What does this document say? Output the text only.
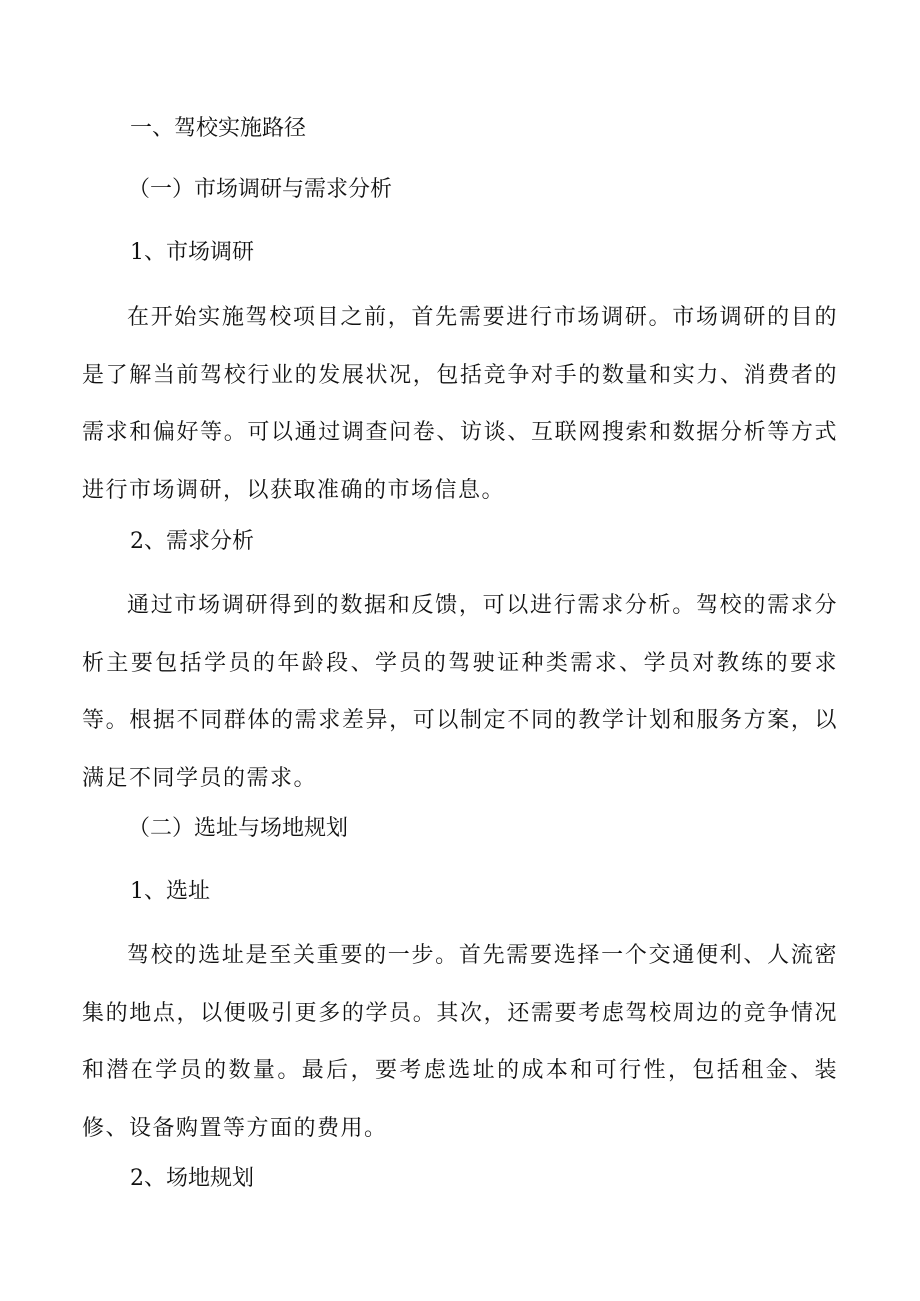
一、驾校实施路径
（一）市场调研与需求分析
1、市场调研
在开始实施驾校项目之前，首先需要进行市场调研。市场调研的目的是了解当前驾校行业的发展状况，包括竞争对手的数量和实力、消费者的需求和偏好等。可以通过调查问卷、访谈、互联网搜索和数据分析等方式进行市场调研，以获取准确的市场信息。
2、需求分析
通过市场调研得到的数据和反馈，可以进行需求分析。驾校的需求分析主要包括学员的年龄段、学员的驾驶证种类需求、学员对教练的要求等。根据不同群体的需求差异，可以制定不同的教学计划和服务方案，以满足不同学员的需求。
（二）选址与场地规划
1、选址
驾校的选址是至关重要的一步。首先需要选择一个交通便利、人流密集的地点，以便吸引更多的学员。其次，还需要考虑驾校周边的竞争情况和潜在学员的数量。最后，要考虑选址的成本和可行性，包括租金、装修、设备购置等方面的费用。
2、场地规划
